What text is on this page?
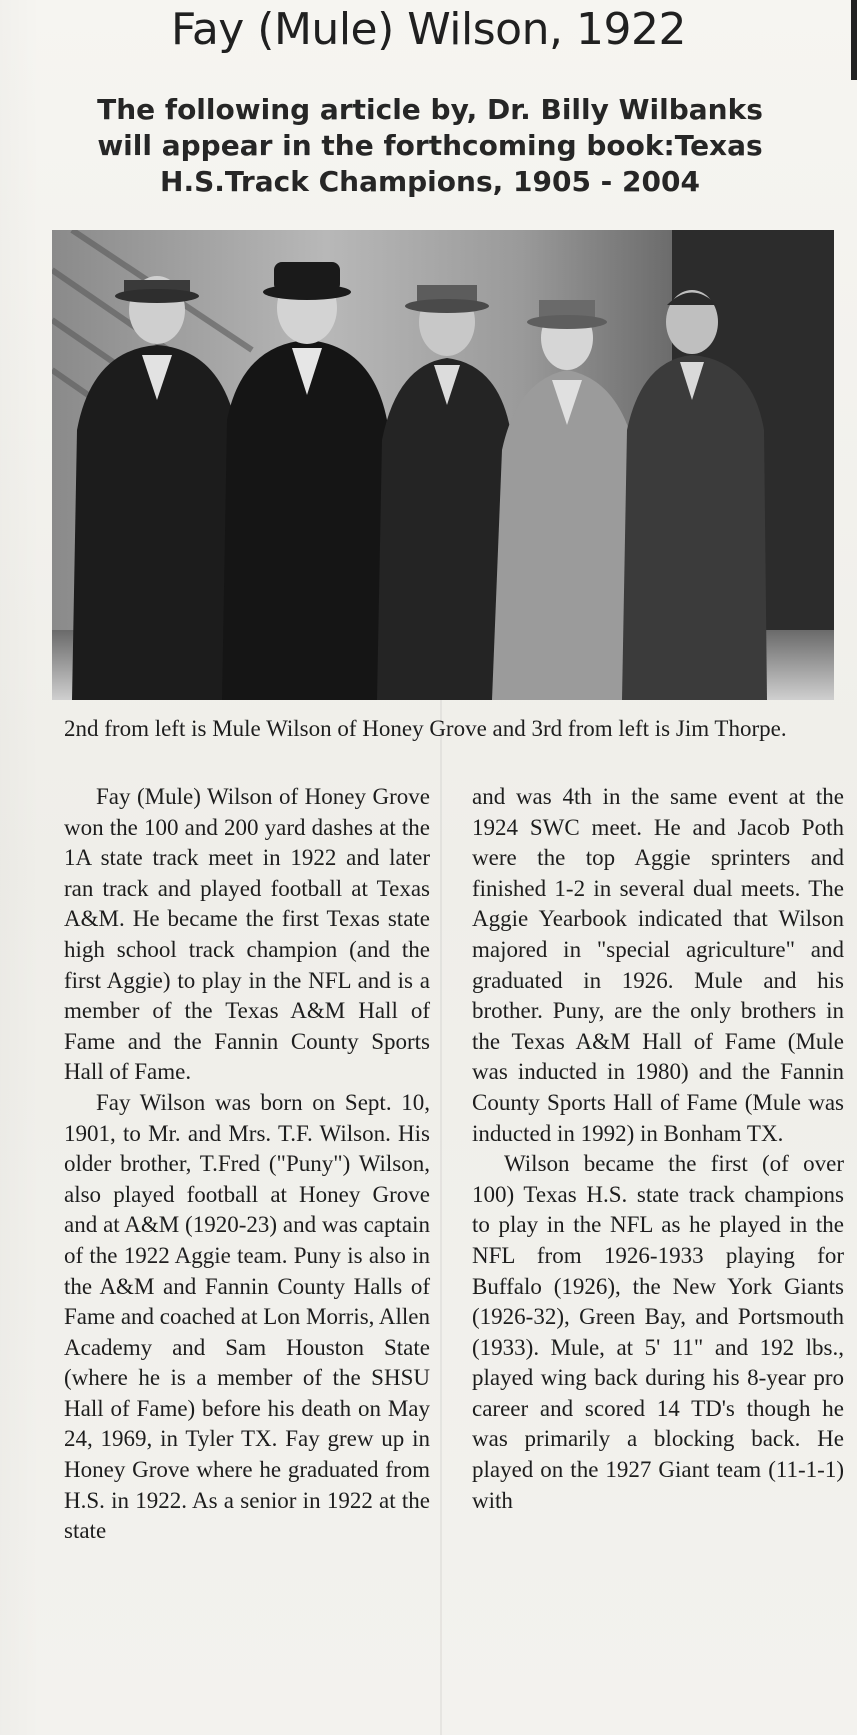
Fay (Mule) Wilson, 1922
The following article by, Dr. Billy Wilbanks will appear in the forthcoming book:Texas H.S.Track Champions, 1905 - 2004
2nd from left is Mule Wilson of Honey Grove and 3rd from left is Jim Thorpe.

Fay (Mule) Wilson of Honey Grove won the 100 and 200 yard dashes at the 1A state track meet in 1922 and later ran track and played football at Texas A&M. He became the first Texas state high school track champion (and the first Aggie) to play in the NFL and is a member of the Texas A&M Hall of Fame and the Fannin County Sports Hall of Fame.

Fay Wilson was born on Sept. 10, 1901, to Mr. and Mrs. T.F. Wilson. His older brother, T.Fred ("Puny") Wilson, also played football at Honey Grove and at A&M (1920-23) and was captain of the 1922 Aggie team. Puny is also in the A&M and Fannin County Halls of Fame and coached at Lon Morris, Allen Academy and Sam Houston State (where he is a member of the SHSU Hall of Fame) before his death on May 24, 1969, in Tyler TX. Fay grew up in Honey Grove where he graduated from H.S. in 1922. As a senior in 1922 at the state

and was 4th in the same event at the 1924 SWC meet. He and Jacob Poth were the top Aggie sprinters and finished 1-2 in several dual meets. The Aggie Yearbook indicated that Wilson majored in "special agriculture" and graduated in 1926. Mule and his brother. Puny, are the only brothers in the Texas A&M Hall of Fame (Mule was inducted in 1980) and the Fannin County Sports Hall of Fame (Mule was inducted in 1992) in Bonham TX.

Wilson became the first (of over 100) Texas H.S. state track champions to play in the NFL as he played in the NFL from 1926-1933 playing for Buffalo (1926), the New York Giants (1926-32), Green Bay, and Portsmouth (1933). Mule, at 5' 11" and 192 lbs., played wing back during his 8-year pro career and scored 14 TD's though he was primarily a blocking back. He played on the 1927 Giant team (11-1-1) with
